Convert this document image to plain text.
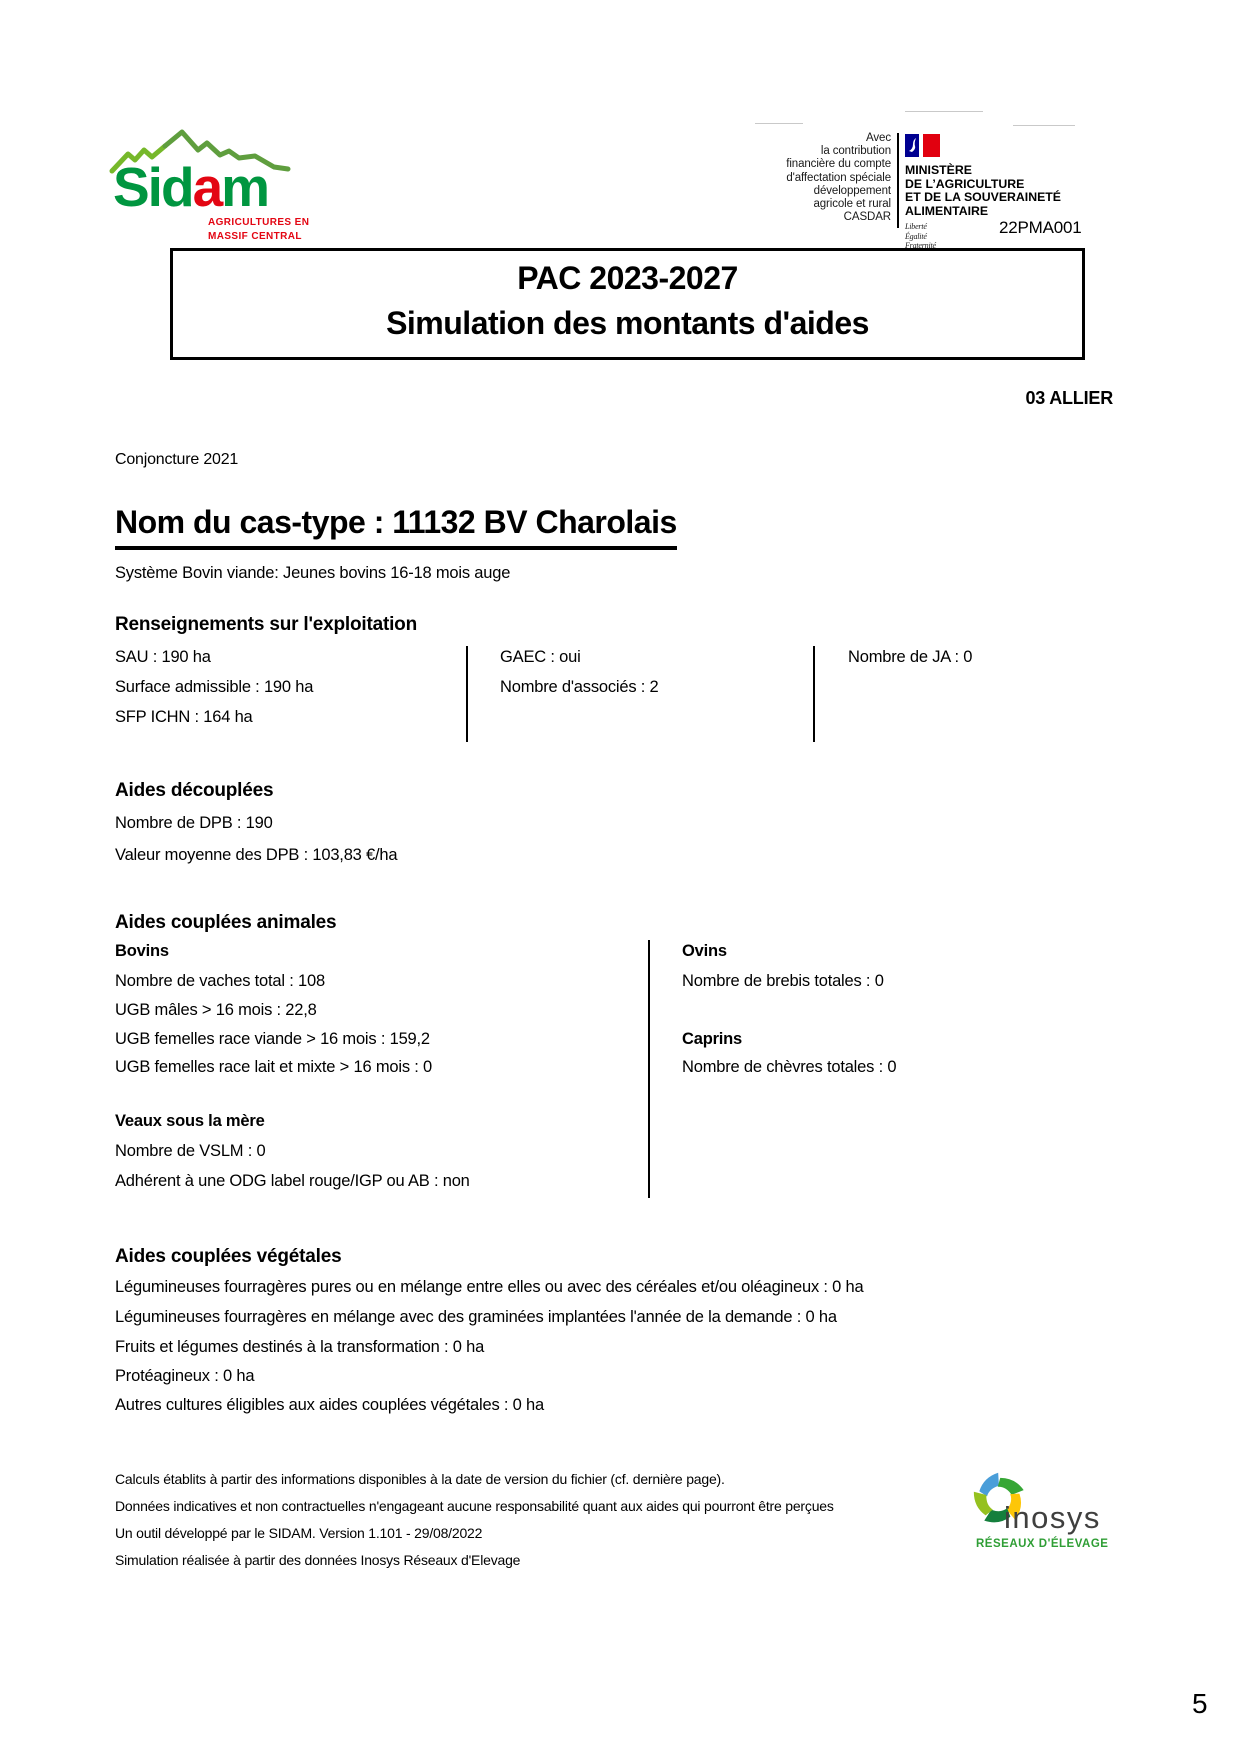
Sidam
AGRICULTURES EN
MASSIF CENTRAL
Avec
la contribution
financière du compte
d'affectation spéciale
développement
agricole et rural
CASDAR
MINISTÈRE
DE L’AGRICULTURE
ET DE LA SOUVERAINETÉ
ALIMENTAIRE
Liberté
Égalité
Fraternité
22PMA001
PAC 2023-2027
Simulation des montants d'aides
03 ALLIER
Conjoncture 2021
Nom du cas-type : 11132 BV Charolais
Système Bovin viande: Jeunes bovins 16-18 mois auge
Renseignements sur l'exploitation
SAU : 190 ha
Surface admissible : 190 ha
SFP ICHN : 164 ha
GAEC : oui
Nombre d'associés : 2
Nombre de JA : 0
Aides découplées
Nombre de DPB : 190
Valeur moyenne des DPB : 103,83 €/ha
Aides couplées animales
Bovins
Nombre de vaches total : 108
UGB mâles > 16 mois : 22,8
UGB femelles race viande > 16 mois : 159,2
UGB femelles race lait et mixte > 16 mois : 0
Veaux sous la mère
Nombre de VSLM : 0
Adhérent à une ODG label rouge/IGP ou AB : non
Ovins
Nombre de brebis totales : 0
Caprins
Nombre de chèvres totales : 0
Aides couplées végétales
Légumineuses fourragères pures ou en mélange entre elles ou avec des céréales et/ou oléagineux : 0 ha
Légumineuses fourragères en mélange avec des graminées implantées l'année de la demande : 0 ha
Fruits et légumes destinés à la transformation : 0 ha
Protéagineux : 0 ha
Autres cultures éligibles aux aides couplées végétales : 0 ha
Calculs établits à partir des informations disponibles à la date de version du fichier (cf. dernière page).
Données indicatives et non contractuelles n'engageant aucune responsabilité quant aux aides qui pourront être perçues
Un outil développé par le SIDAM. Version 1.101 - 29/08/2022
Simulation réalisée à partir des données Inosys Réseaux d'Elevage
inosys
RÉSEAUX D'ÉLEVAGE
5
